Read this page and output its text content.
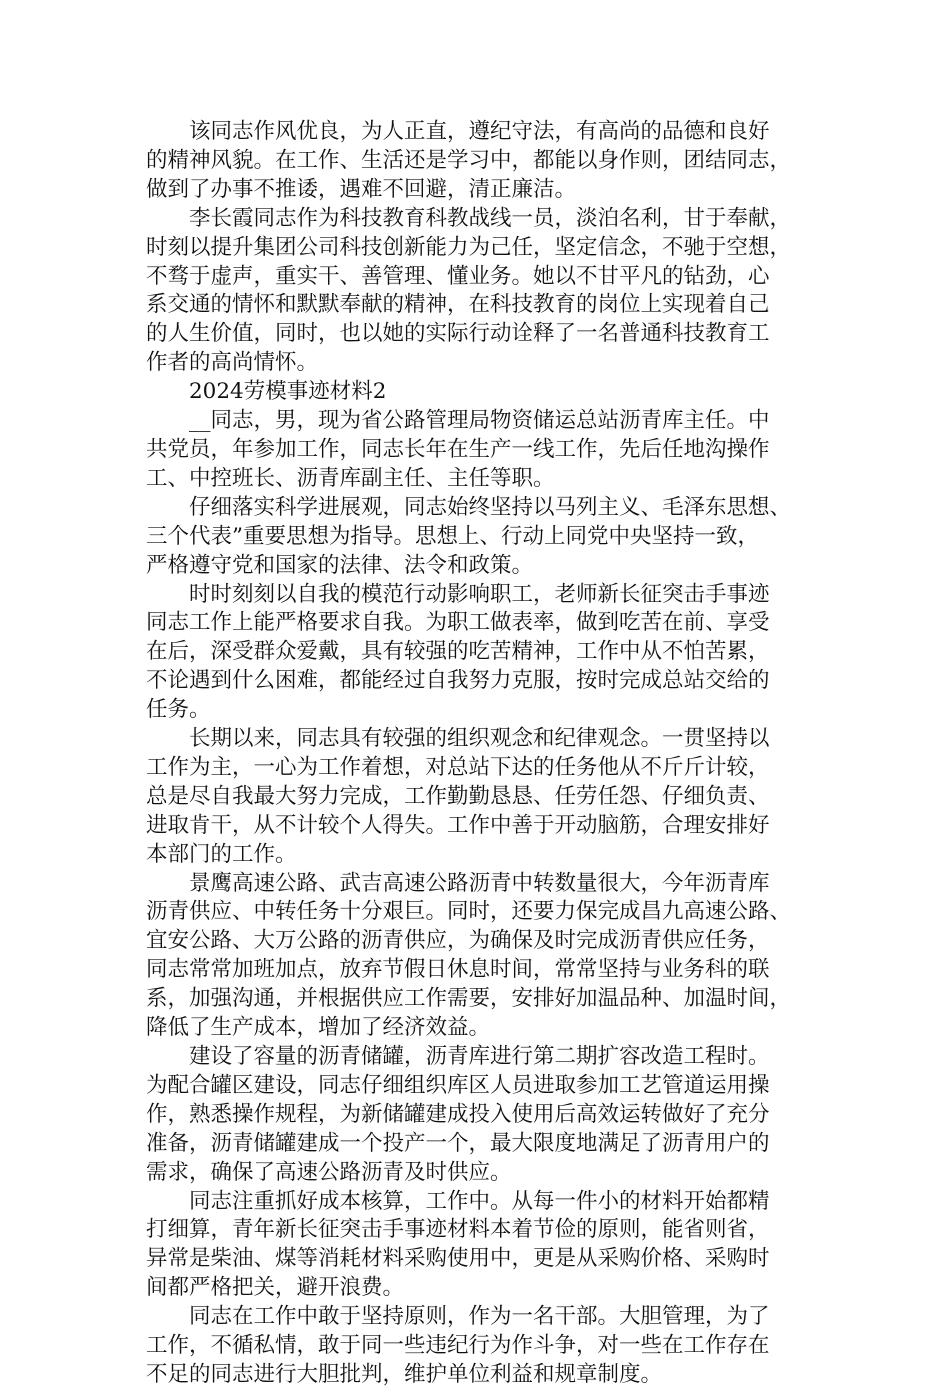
该同志作风优良，为人正直，遵纪守法，有高尚的品德和良好
的精神风貌。在工作、生活还是学习中，都能以身作则，团结同志，
做到了办事不推诿，遇难不回避，清正廉洁。

李长霞同志作为科技教育科教战线一员，淡泊名利，甘于奉献，
时刻以提升集团公司科技创新能力为己任，坚定信念，不驰于空想，
不骛于虚声，重实干、善管理、懂业务。她以不甘平凡的钻劲，心
系交通的情怀和默默奉献的精神，在科技教育的岗位上实现着自己
的人生价值，同时，也以她的实际行动诠释了一名普通科技教育工
作者的高尚情怀。

2024劳模事迹材料2

__同志，男，现为省公路管理局物资储运总站沥青库主任。中
共党员，年参加工作，同志长年在生产一线工作，先后任地沟操作
工、中控班长、沥青库副主任、主任等职。

仔细落实科学进展观，同志始终坚持以马列主义、毛泽东思想、
三个代表”重要思想为指导。思想上、行动上同党中央坚持一致，
严格遵守党和国家的法律、法令和政策。

时时刻刻以自我的模范行动影响职工，老师新长征突击手事迹
同志工作上能严格要求自我。为职工做表率，做到吃苦在前、享受
在后，深受群众爱戴，具有较强的吃苦精神，工作中从不怕苦累，
不论遇到什么困难，都能经过自我努力克服，按时完成总站交给的
任务。

长期以来，同志具有较强的组织观念和纪律观念。一贯坚持以
工作为主，一心为工作着想，对总站下达的任务他从不斤斤计较，
总是尽自我最大努力完成，工作勤勤恳恳、任劳任怨、仔细负责、
进取肯干，从不计较个人得失。工作中善于开动脑筋，合理安排好
本部门的工作。

景鹰高速公路、武吉高速公路沥青中转数量很大，今年沥青库
沥青供应、中转任务十分艰巨。同时，还要力保完成昌九高速公路、
宜安公路、大万公路的沥青供应，为确保及时完成沥青供应任务，
同志常常加班加点，放弃节假日休息时间，常常坚持与业务科的联
系，加强沟通，并根据供应工作需要，安排好加温品种、加温时间，
降低了生产成本，增加了经济效益。

建设了容量的沥青储罐，沥青库进行第二期扩容改造工程时。
为配合罐区建设，同志仔细组织库区人员进取参加工艺管道运用操
作，熟悉操作规程，为新储罐建成投入使用后高效运转做好了充分
准备，沥青储罐建成一个投产一个，最大限度地满足了沥青用户的
需求，确保了高速公路沥青及时供应。

同志注重抓好成本核算，工作中。从每一件小的材料开始都精
打细算，青年新长征突击手事迹材料本着节俭的原则，能省则省，
异常是柴油、煤等消耗材料采购使用中，更是从采购价格、采购时
间都严格把关，避开浪费。

同志在工作中敢于坚持原则，作为一名干部。大胆管理，为了
工作，不循私情，敢于同一些违纪行为作斗争，对一些在工作存在
不足的同志进行大胆批判，维护单位利益和规章制度。
